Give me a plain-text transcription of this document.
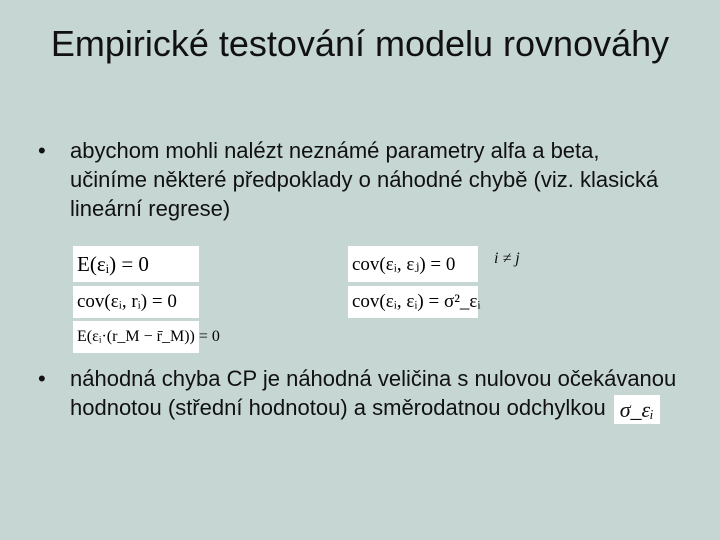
Empirické testování modelu rovnováhy
•	abychom mohli nalézt neznámé parametry alfa a beta, učiníme některé předpoklady o náhodné chybě (viz. klasická lineární regrese)
E(εᵢ) = 0
cov(εᵢ, rᵢ) = 0
E(εᵢ·(r_M − r̄_M)) = 0
cov(εᵢ, εⱼ) = 0
cov(εᵢ, εᵢ) = σ²_εᵢ
i ≠ j
•	náhodná chyba CP je náhodná veličina s nulovou očekávanou hodnotou (střední hodnotou) a směrodatnou odchylkou σ_εᵢ
